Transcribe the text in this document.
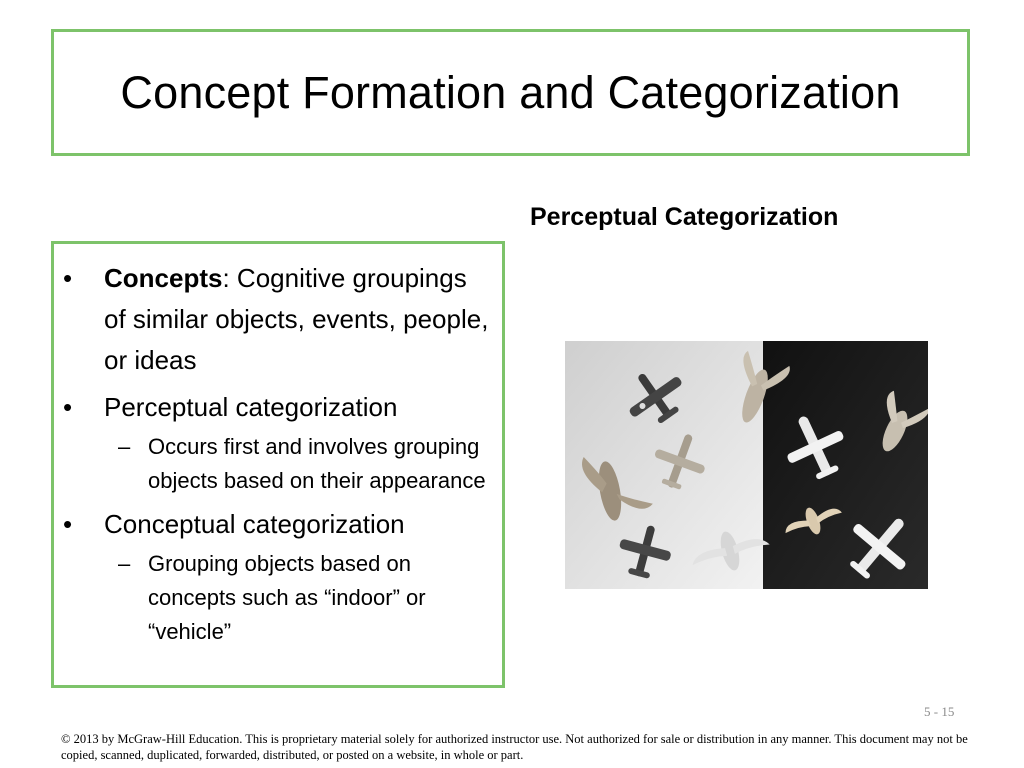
Concept Formation and Categorization
Perceptual Categorization
•	Concepts: Cognitive groupings of similar objects, events, people, or ideas
•	Perceptual categorization
– Occurs first and involves grouping objects based on their appearance
•	Conceptual categorization
– Grouping objects based on concepts such as “indoor” or “vehicle”
5 - 15
© 2013 by McGraw-Hill Education. This is proprietary material solely for authorized instructor use. Not authorized for sale or distribution in any manner. This document may not be copied, scanned, duplicated, forwarded, distributed, or posted on a website, in whole or part.
